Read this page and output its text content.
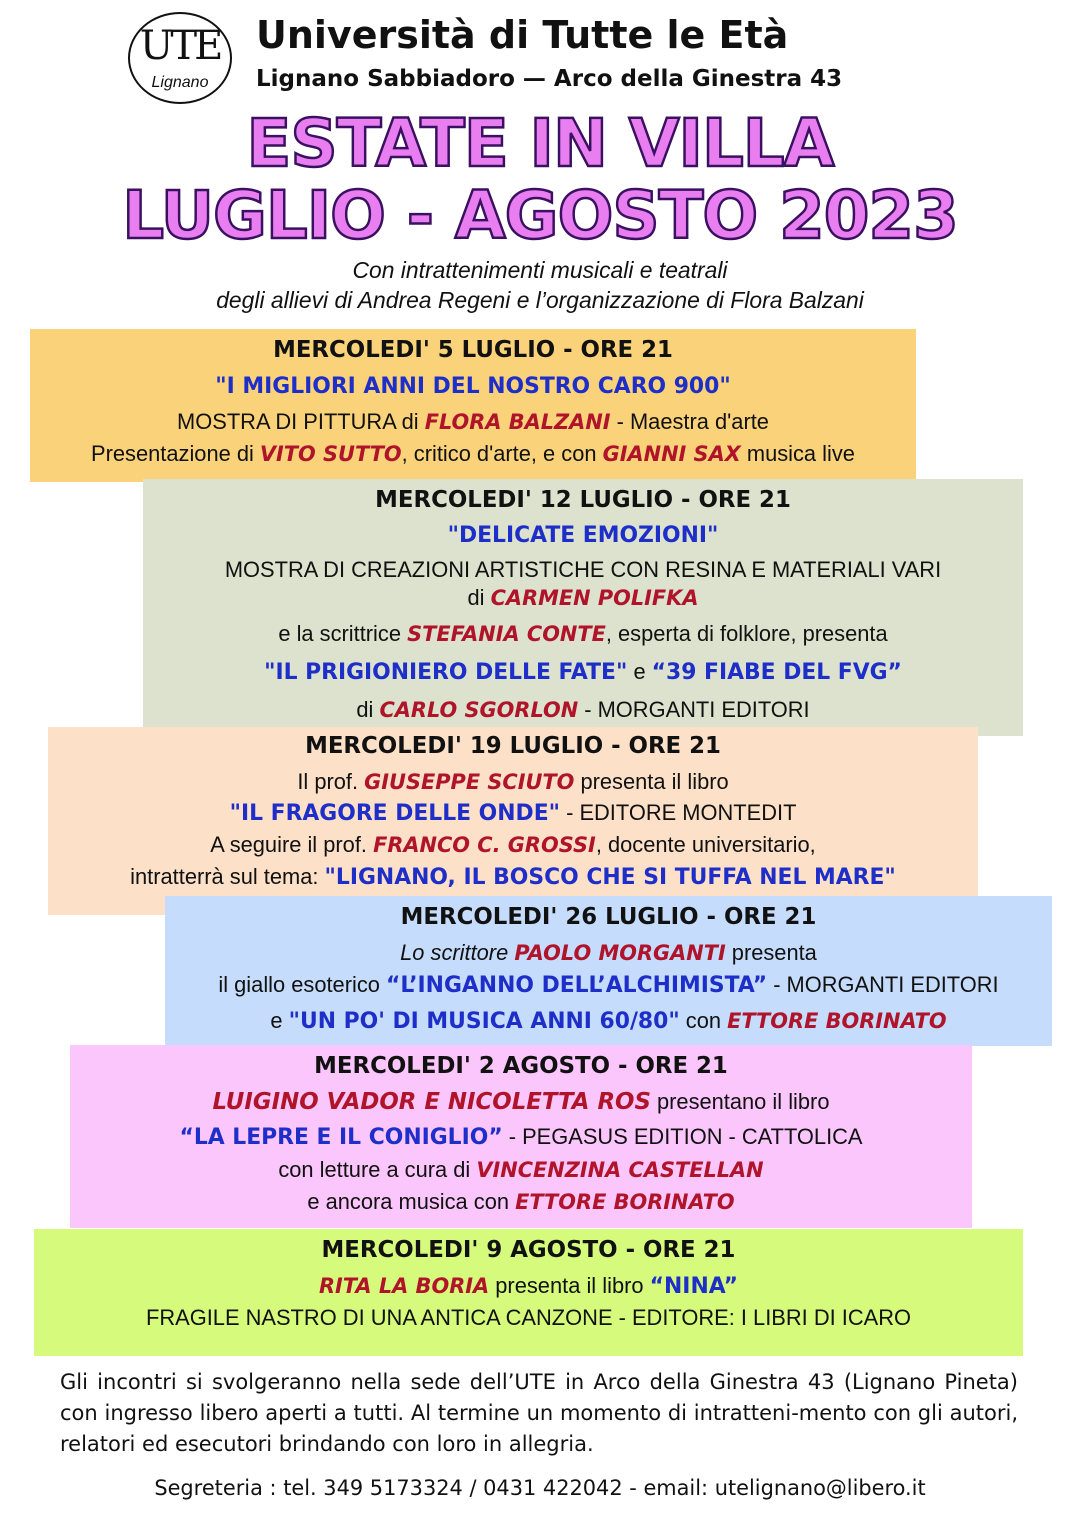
UTE
Lignano
Università di Tutte le Età
Lignano Sabbiadoro — Arco della Ginestra 43
ESTATE IN VILLA
LUGLIO - AGOSTO 2023
Con intrattenimenti musicali e teatrali
degli allievi di Andrea Regeni e l’organizzazione di Flora Balzani
MERCOLEDI' 5 LUGLIO - ORE 21
"I MIGLIORI ANNI DEL NOSTRO CARO 900"
MOSTRA DI PITTURA di FLORA BALZANI - Maestra d'arte
Presentazione di VITO SUTTO, critico d'arte, e con GIANNI SAX musica live
MERCOLEDI' 12 LUGLIO - ORE 21
"DELICATE EMOZIONI"
MOSTRA DI CREAZIONI ARTISTICHE CON RESINA E MATERIALI VARI
di CARMEN POLIFKA
e la scrittrice STEFANIA CONTE, esperta di folklore, presenta
"IL PRIGIONIERO DELLE FATE" e “39 FIABE DEL FVG”
di CARLO SGORLON - MORGANTI EDITORI
MERCOLEDI' 19 LUGLIO - ORE 21
Il prof. GIUSEPPE SCIUTO presenta il libro
"IL FRAGORE DELLE ONDE" - EDITORE MONTEDIT
A seguire il prof. FRANCO C. GROSSI, docente universitario,
intratterrà sul tema: "LIGNANO, IL BOSCO CHE SI TUFFA NEL MARE"
MERCOLEDI' 26 LUGLIO - ORE 21
Lo scrittore PAOLO MORGANTI presenta
il giallo esoterico “L’INGANNO DELL’ALCHIMISTA” - MORGANTI EDITORI
e "UN PO' DI MUSICA ANNI 60/80" con ETTORE BORINATO
MERCOLEDI' 2 AGOSTO - ORE 21
LUIGINO VADOR E NICOLETTA ROS presentano il libro
“LA LEPRE E IL CONIGLIO” - PEGASUS EDITION - CATTOLICA
con letture a cura di VINCENZINA CASTELLAN
e ancora musica con ETTORE BORINATO
MERCOLEDI' 9 AGOSTO - ORE 21
RITA LA BORIA presenta il libro “NINA”
FRAGILE NASTRO DI UNA ANTICA CANZONE - EDITORE: I LIBRI DI ICARO
Gli incontri si svolgeranno nella sede dell’UTE in Arco della Ginestra 43 (Lignano Pineta) con ingresso libero aperti a tutti. Al termine un momento di intratteni-mento con gli autori, relatori ed esecutori brindando con loro in allegria.
Segreteria : tel. 349 5173324 / 0431 422042 - email: utelignano@libero.it
